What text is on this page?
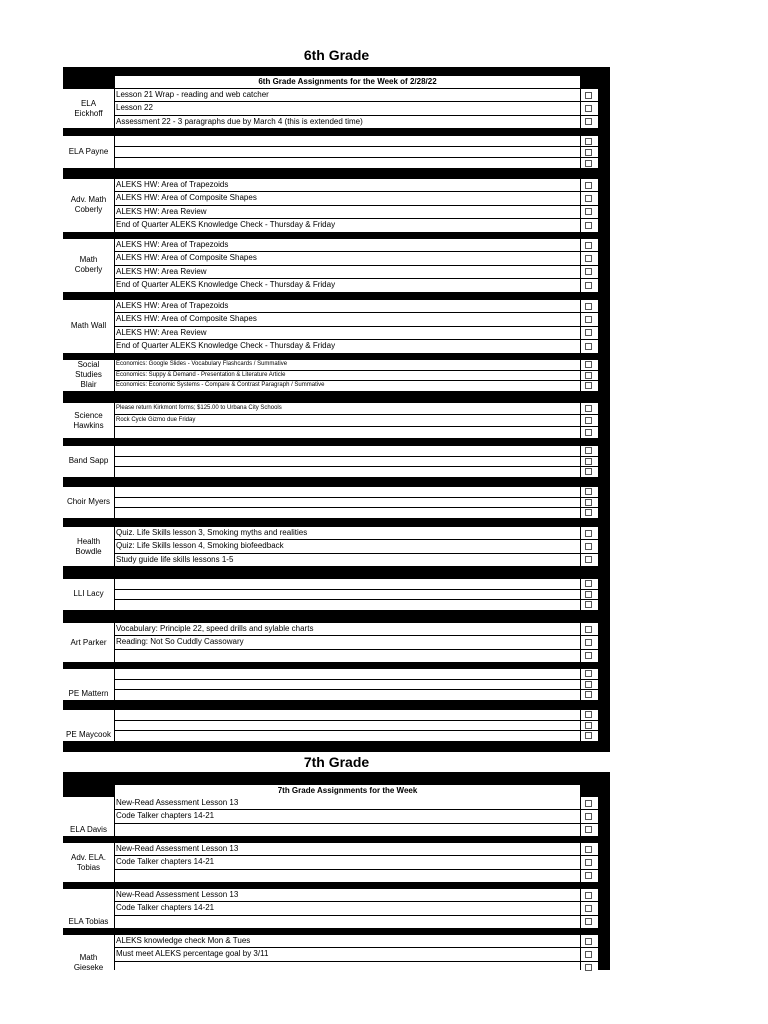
6th Grade
6th Grade Assignments for the Week of 2/28/22
ELA
Eickhoff
Lesson 21 Wrap - reading and web catcher
Lesson 22
Assessment 22 - 3 paragraphs due by March 4 (this is extended time)
ELA Payne
Adv. Math
Coberly
ALEKS HW: Area of Trapezoids
ALEKS HW: Area of Composite Shapes
ALEKS HW: Area Review
End of Quarter ALEKS Knowledge Check - Thursday & Friday
Math
Coberly
ALEKS HW: Area of Trapezoids
ALEKS HW: Area of Composite Shapes
ALEKS HW: Area Review
End of Quarter ALEKS Knowledge Check - Thursday & Friday
Math Wall
ALEKS HW: Area of Trapezoids
ALEKS HW: Area of Composite Shapes
ALEKS HW: Area Review
End of Quarter ALEKS Knowledge Check - Thursday & Friday
Social
Studies
Blair
Economics: Google Slides - Vocabulary Flashcards / Summative
Economics: Suppy & Demand - Presentation & Literature Article
Economics: Economic Systems - Compare & Contrast Paragraph / Summative
Science
Hawkins
Please return Kirkmont forms; $125.00 to Urbana City Schools
Rock Cycle Gizmo due Friday
Band Sapp
Choir Myers
Health
Bowdle
Quiz. Life Skills lesson 3, Smoking myths and realities
Quiz: Life Skills lesson 4, Smoking biofeedback
Study guide life skills lessons 1-5
LLI Lacy
Art Parker
Vocabulary: Principle 22, speed drills and sylable charts
Reading: Not So Cuddly Cassowary
PE Mattern
PE Maycook
7th Grade
7th Grade Assignments for the Week
ELA Davis
New-Read Assessment Lesson 13
Code Talker chapters 14-21
Adv. ELA.
Tobias
New-Read Assessment Lesson 13
Code Talker chapters 14-21
ELA Tobias
New-Read Assessment Lesson 13
Code Talker chapters 14-21
Math
Gieseke
ALEKS knowledge check Mon & Tues
Must meet ALEKS percentage goal by 3/11
